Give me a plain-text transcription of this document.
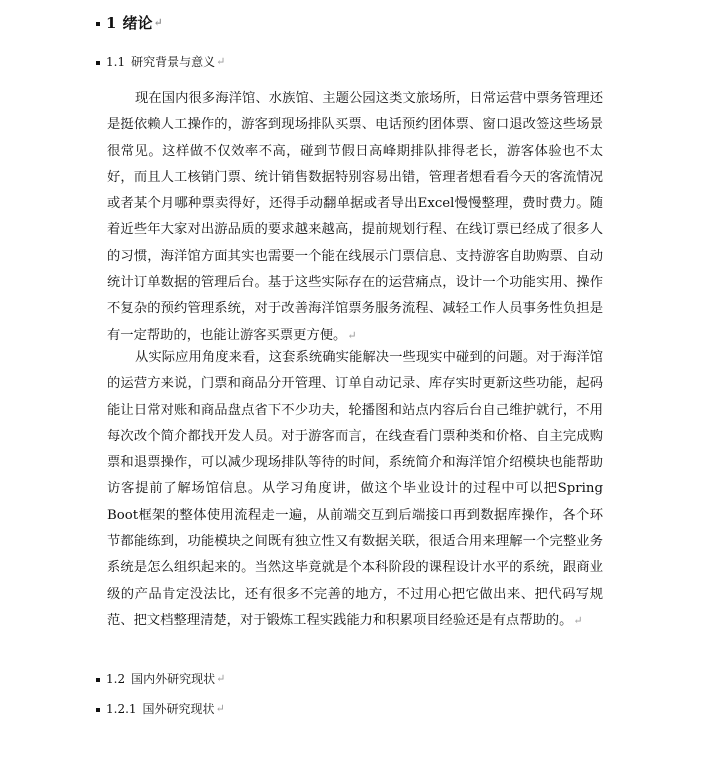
1 绪论 ↵
1.1 研究背景与意义 ↵

现在国内很多海洋馆、水族馆、主题公园这类文旅场所，日常运营中票务管理还是挺依赖人工操作的，游客到现场排队买票、电话预约团体票、窗口退改签这些场景很常见。这样做不仅效率不高，碰到节假日高峰期排队排得老长，游客体验也不太好，而且人工核销门票、统计销售数据特别容易出错，管理者想看看今天的客流情况或者某个月哪种票卖得好，还得手动翻单据或者导出Excel慢慢整理，费时费力。随着近些年大家对出游品质的要求越来越高，提前规划行程、在线订票已经成了很多人的习惯，海洋馆方面其实也需要一个能在线展示门票信息、支持游客自助购票、自动统计订单数据的管理后台。基于这些实际存在的运营痛点，设计一个功能实用、操作不复杂的预约管理系统，对于改善海洋馆票务服务流程、减轻工作人员事务性负担是有一定帮助的，也能让游客买票更方便。↵

从实际应用角度来看，这套系统确实能解决一些现实中碰到的问题。对于海洋馆的运营方来说，门票和商品分开管理、订单自动记录、库存实时更新这些功能，起码能让日常对账和商品盘点省下不少功夫，轮播图和站点内容后台自己维护就行，不用每次改个简介都找开发人员。对于游客而言，在线查看门票种类和价格、自主完成购票和退票操作，可以减少现场排队等待的时间，系统简介和海洋馆介绍模块也能帮助访客提前了解场馆信息。从学习角度讲，做这个毕业设计的过程中可以把Spring Boot框架的整体使用流程走一遍，从前端交互到后端接口再到数据库操作，各个环节都能练到，功能模块之间既有独立性又有数据关联，很适合用来理解一个完整业务系统是怎么组织起来的。当然这毕竟就是个本科阶段的课程设计水平的系统，跟商业级的产品肯定没法比，还有很多不完善的地方，不过用心把它做出来、把代码写规范、把文档整理清楚，对于锻炼工程实践能力和积累项目经验还是有点帮助的。↵

1.2 国内外研究现状 ↵
1.2.1 国外研究现状 ↵
